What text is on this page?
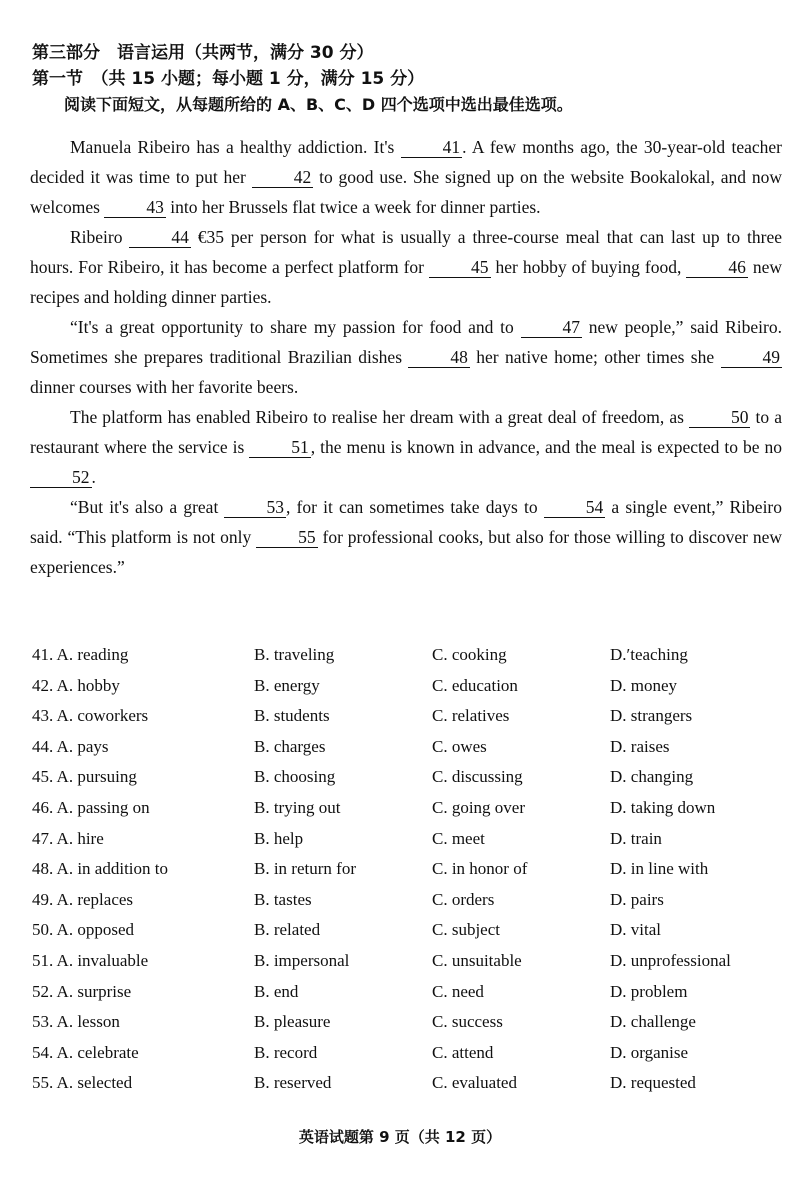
第三部分　语言运用（共两节，满分 30 分）
第一节　（共 15 小题；每小题 1 分，满分 15 分）
阅读下面短文，从每题所给的 A、B、C、D 四个选项中选出最佳选项。

Manuela Ribeiro has a healthy addiction. It's 41 . A few months ago, the 30-year-old teacher decided it was time to put her 42 to good use. She signed up on the website Bookalokal, and now welcomes 43 into her Brussels flat twice a week for dinner parties.

Ribeiro 44 €35 per person for what is usually a three-course meal that can last up to three hours. For Ribeiro, it has become a perfect platform for 45 her hobby of buying food, 46 new recipes and holding dinner parties.

“It's a great opportunity to share my passion for food and to 47 new people,” said Ribeiro. Sometimes she prepares traditional Brazilian dishes 48 her native home; other times she 49 dinner courses with her favorite beers.

The platform has enabled Ribeiro to realise her dream with a great deal of freedom, as 50 to a restaurant where the service is 51 , the menu is known in advance, and the meal is expected to be no 52 .

“But it's also a great 53 , for it can sometimes take days to 54 a single event,” Ribeiro said. “This platform is not only 55 for professional cooks, but also for those willing to discover new experiences.”

41. A. reading	B. traveling	C. cooking	D.′teaching
42. A. hobby	B. energy	C. education	D. money
43. A. coworkers	B. students	C. relatives	D. strangers
44. A. pays	B. charges	C. owes	D. raises
45. A. pursuing	B. choosing	C. discussing	D. changing
46. A. passing on	B. trying out	C. going over	D. taking down
47. A. hire	B. help	C. meet	D. train
48. A. in addition to	B. in return for	C. in honor of	D. in line with
49. A. replaces	B. tastes	C. orders	D. pairs
50. A. opposed	B. related	C. subject	D. vital
51. A. invaluable	B. impersonal	C. unsuitable	D. unprofessional
52. A. surprise	B. end	C. need	D. problem
53. A. lesson	B. pleasure	C. success	D. challenge
54. A. celebrate	B. record	C. attend	D. organise
55. A. selected	B. reserved	C. evaluated	D. requested
英语试题第 9 页（共 12 页）
